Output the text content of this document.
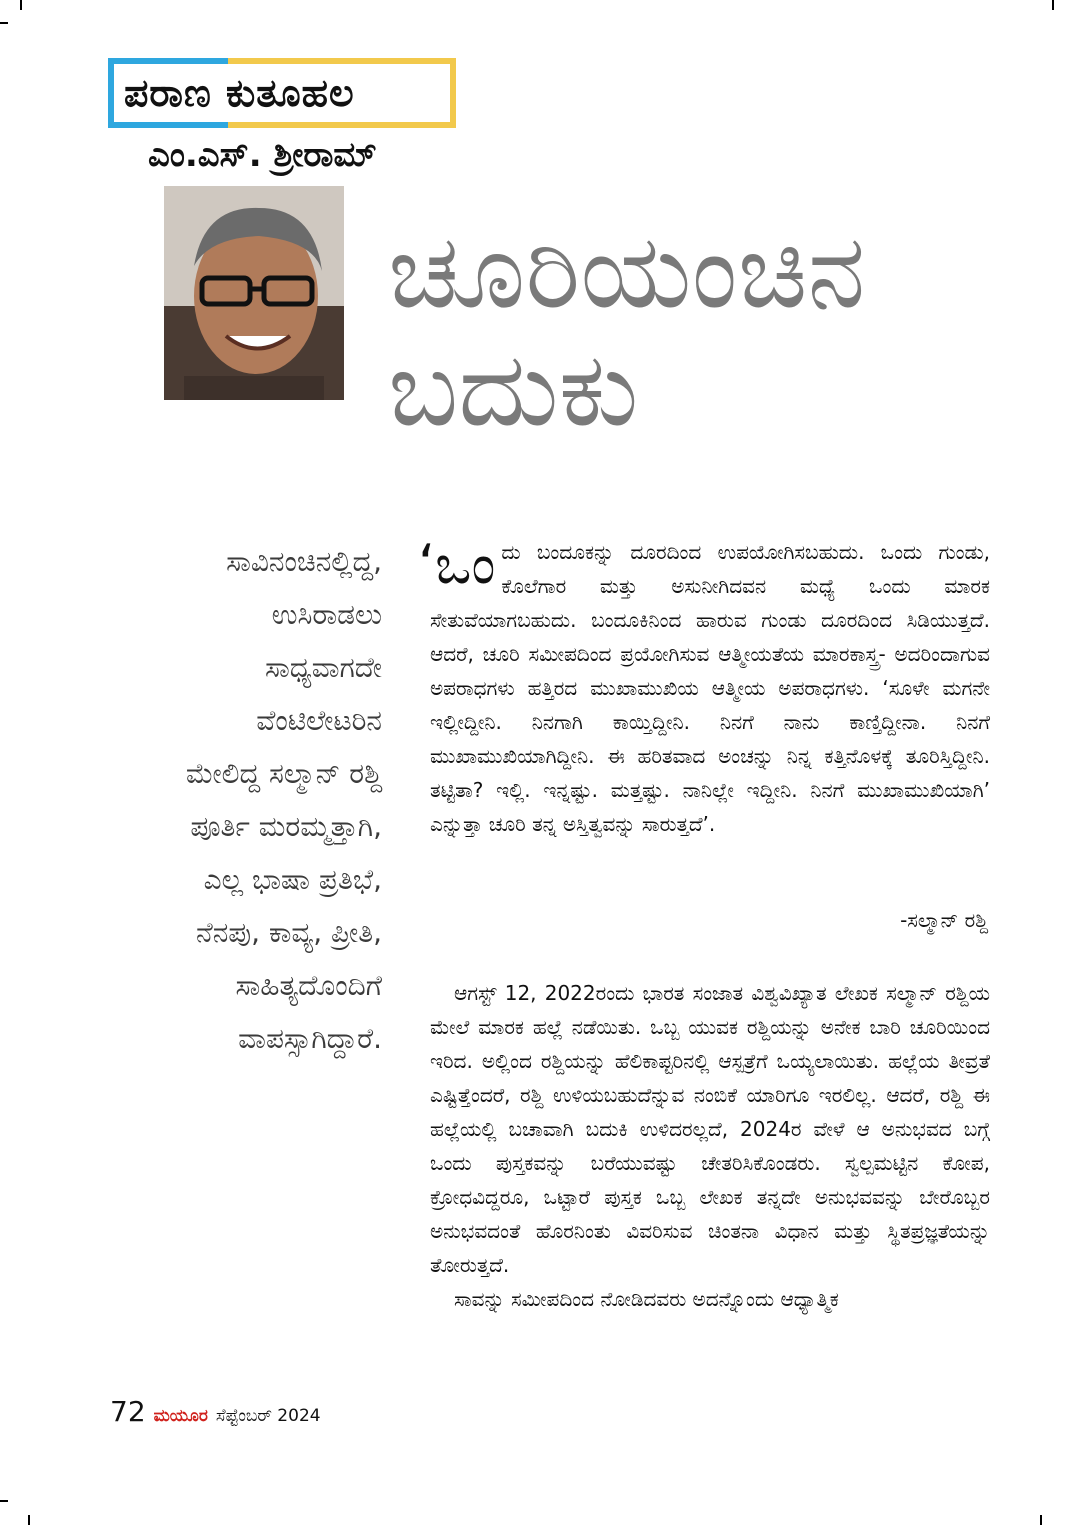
ಪರಾಣ ಕುತೂಹಲ
ಎಂ.ಎಸ್. ಶ್ರೀರಾಮ್
ಚೂರಿಯಂಚಿನ
ಬದುಕು
ಸಾವಿನಂಚಿನಲ್ಲಿದ್ದ,
ಉಸಿರಾಡಲು
ಸಾಧ್ಯವಾಗದೇ
ವೆಂಟಿಲೇಟರಿನ
ಮೇಲಿದ್ದ ಸಲ್ಮಾನ್ ರಶ್ದಿ
ಪೂರ್ತಿ ಮರಮ್ಮತ್ತಾಗಿ,
ಎಲ್ಲ ಭಾಷಾ ಪ್ರತಿಭೆ,
ನೆನಪು, ಕಾವ್ಯ, ಪ್ರೀತಿ,
ಸಾಹಿತ್ಯದೊಂದಿಗೆ
ವಾಪಸ್ಸಾಗಿದ್ದಾರೆ.
‘ಒಂದು ಬಂದೂಕನ್ನು ದೂರದಿಂದ ಉಪಯೋಗಿಸಬಹುದು. ಒಂದು ಗುಂಡು, ಕೊಲೆಗಾರ ಮತ್ತು ಅಸುನೀಗಿದವನ ಮಧ್ಯೆ ಒಂದು ಮಾರಕ ಸೇತುವೆಯಾಗಬಹುದು. ಬಂದೂಕಿನಿಂದ ಹಾರುವ ಗುಂಡು ದೂರದಿಂದ ಸಿಡಿಯುತ್ತದೆ. ಆದರೆ, ಚೂರಿ ಸಮೀಪದಿಂದ ಪ್ರಯೋಗಿಸುವ ಆತ್ಮೀಯತೆಯ ಮಾರಕಾಸ್ತ್ರ- ಅದರಿಂದಾಗುವ ಅಪರಾಧಗಳು ಹತ್ತಿರದ ಮುಖಾಮುಖಿಯ ಆತ್ಮೀಯ ಅಪರಾಧಗಳು. ‘ಸೂಳೇ ಮಗನೇ ಇಲ್ಲೀದ್ದೀನಿ. ನಿನಗಾಗಿ ಕಾಯ್ತಿದ್ದೀನಿ. ನಿನಗೆ ನಾನು ಕಾಣ್ತಿದ್ದೀನಾ. ನಿನಗೆ ಮುಖಾಮುಖಿಯಾಗಿದ್ದೀನಿ. ಈ ಹರಿತವಾದ ಅಂಚನ್ನು ನಿನ್ನ ಕತ್ತಿನೊಳಕ್ಕೆ ತೂರಿಸ್ತಿದ್ದೀನಿ. ತಟ್ಟಿತಾ? ಇಲ್ಲಿ. ಇನ್ನಷ್ಟು. ಮತ್ತಷ್ಟು. ನಾನಿಲ್ಲೇ ಇದ್ದೀನಿ. ನಿನಗೆ ಮುಖಾಮುಖಿಯಾಗಿ’ ಎನ್ನುತ್ತಾ ಚೂರಿ ತನ್ನ ಅಸ್ತಿತ್ವವನ್ನು ಸಾರುತ್ತದೆ’.
-ಸಲ್ಮಾನ್ ರಶ್ದಿ

ಆಗಸ್ಟ್ 12, 2022ರಂದು ಭಾರತ ಸಂಜಾತ ವಿಶ್ವವಿಖ್ಯಾತ ಲೇಖಕ ಸಲ್ಮಾನ್ ರಶ್ದಿಯ ಮೇಲೆ ಮಾರಕ ಹಲ್ಲೆ ನಡೆಯಿತು. ಒಬ್ಬ ಯುವಕ ರಶ್ದಿಯನ್ನು ಅನೇಕ ಬಾರಿ ಚೂರಿಯಿಂದ ಇರಿದ. ಅಲ್ಲಿಂದ ರಶ್ದಿಯನ್ನು ಹೆಲಿಕಾಪ್ಟರಿನಲ್ಲಿ ಆಸ್ಪತ್ರೆಗೆ ಒಯ್ಯಲಾಯಿತು. ಹಲ್ಲೆಯ ತೀವ್ರತೆ ಎಷ್ಟಿತ್ತೆಂದರೆ, ರಶ್ದಿ ಉಳಿಯಬಹುದೆನ್ನುವ ನಂಬಿಕೆ ಯಾರಿಗೂ ಇರಲಿಲ್ಲ. ಆದರೆ, ರಶ್ದಿ ಈ ಹಲ್ಲೆಯಲ್ಲಿ ಬಚಾವಾಗಿ ಬದುಕಿ ಉಳಿದರಲ್ಲದೆ, 2024ರ ವೇಳೆ ಆ ಅನುಭವದ ಬಗ್ಗೆ ಒಂದು ಪುಸ್ತಕವನ್ನು ಬರೆಯುವಷ್ಟು ಚೇತರಿಸಿಕೊಂಡರು. ಸ್ವಲ್ಪಮಟ್ಟಿನ ಕೋಪ, ಕ್ರೋಧವಿದ್ದರೂ, ಒಟ್ಟಾರೆ ಪುಸ್ತಕ ಒಬ್ಬ ಲೇಖಕ ತನ್ನದೇ ಅನುಭವವನ್ನು ಬೇರೊಬ್ಬರ ಅನುಭವದಂತೆ ಹೊರನಿಂತು ವಿವರಿಸುವ ಚಿಂತನಾ ವಿಧಾನ ಮತ್ತು ಸ್ಥಿತಪ್ರಜ್ಞತೆಯನ್ನು ತೋರುತ್ತದೆ.

ಸಾವನ್ನು ಸಮೀಪದಿಂದ ನೋಡಿದವರು ಅದನ್ನೊಂದು ಆಧ್ಯಾತ್ಮಿಕ

72 ಮಯೂರ ಸೆಪ್ಟೆಂಬರ್ 2024
